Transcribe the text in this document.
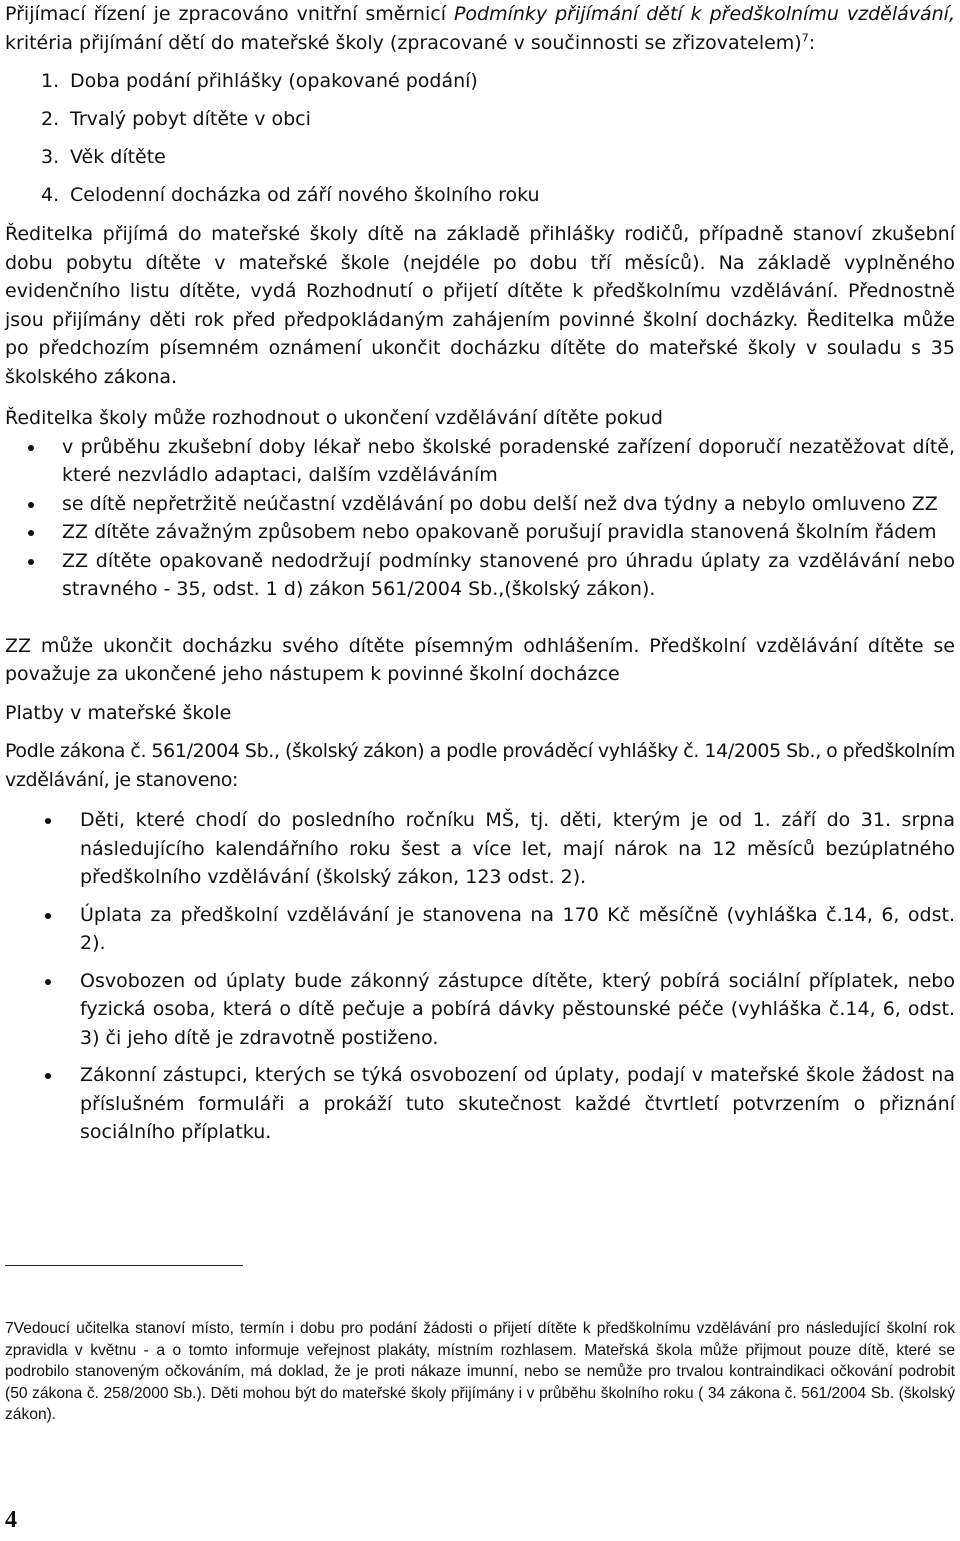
Přijímací řízení je zpracováno vnitřní směrnicí Podmínky přijímání dětí k předškolnímu vzdělávání, kritéria přijímání dětí do mateřské školy (zpracované v součinnosti se zřizovatelem)$^7$:

1. Doba podání přihlášky (opakované podání)
2. Trvalý pobyt dítěte v obci
3. Věk dítěte
4. Celodenní docházka od září nového školního roku

Ředitelka přijímá do mateřské školy dítě na základě přihlášky rodičů, případně stanoví zkušební dobu pobytu dítěte v mateřské škole (nejdéle po dobu tří měsíců). Na základě vyplněného evidenčního listu dítěte, vydá Rozhodnutí o přijetí dítěte k předškolnímu vzdělávání. Přednostně jsou přijímány děti rok před předpokládaným zahájením povinné školní docházky. Ředitelka může po předchozím písemném oznámení ukončit docházku dítěte do mateřské školy v souladu s 35 školského zákona.

Ředitelka školy může rozhodnout o ukončení vzdělávání dítěte pokud

v průběhu zkušební doby lékař nebo školské poradenské zařízení doporučí nezatěžovat dítě, které nezvládlo adaptaci, dalším vzděláváním
se dítě nepřetržitě neúčastní vzdělávání po dobu delší než dva týdny a nebylo omluveno ZZ
ZZ dítěte závažným způsobem nebo opakovaně porušují pravidla stanovená školním řádem
ZZ dítěte opakovaně nedodržují podmínky stanovené pro úhradu úplaty za vzdělávání nebo stravného - 35, odst. 1 d) zákon 561/2004 Sb.,(školský zákon).

ZZ může ukončit docházku svého dítěte písemným odhlášením. Předškolní vzdělávání dítěte se považuje za ukončené jeho nástupem k povinné školní docházce

Platby v mateřské škole

Podle zákona č. 561/2004 Sb., (školský zákon) a podle prováděcí vyhlášky č. 14/2005 Sb., o předškolním vzdělávání, je stanoveno:

Děti, které chodí do posledního ročníku MŠ, tj. děti, kterým je od 1. září do 31. srpna následujícího kalendářního roku šest a více let, mají nárok na 12 měsíců bezúplatného předškolního vzdělávání (školský zákon, 123 odst. 2).
Úplata za předškolní vzdělávání je stanovena na 170 Kč měsíčně (vyhláška č.14, 6, odst. 2).
Osvobozen od úplaty bude zákonný zástupce dítěte, který pobírá sociální příplatek, nebo fyzická osoba, která o dítě pečuje a pobírá dávky pěstounské péče (vyhláška č.14, 6, odst. 3) či jeho dítě je zdravotně postiženo.
Zákonní zástupci, kterých se týká osvobození od úplaty, podají v mateřské škole žádost na příslušném formuláři a prokáží tuto skutečnost každé čtvrtletí potvrzením o přiznání sociálního příplatku.

7Vedoucí učitelka stanoví místo, termín i dobu pro podání žádosti o přijetí dítěte k předškolnímu vzdělávání pro následující školní rok zpravidla v květnu - a o tomto informuje veřejnost plakáty, místním rozhlasem. Mateřská škola může přijmout pouze dítě, které se podrobilo stanoveným očkováním, má doklad, že je proti nákaze imunní, nebo se nemůže pro trvalou kontraindikaci očkování podrobit (50 zákona č. 258/2000 Sb.). Děti mohou být do mateřské školy přijímány i v průběhu školního roku ( 34 zákona č. 561/2004 Sb. (školský zákon).

4
